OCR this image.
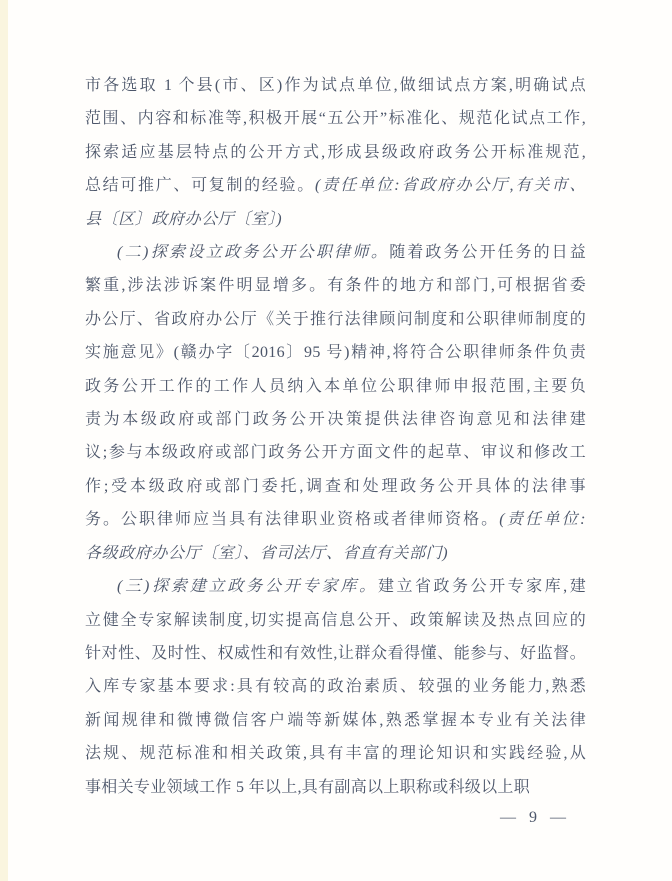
市各选取 1 个县(市、区)作为试点单位,做细试点方案,明确试点
范围、内容和标准等,积极开展“五公开”标准化、规范化试点工作,
探索适应基层特点的公开方式,形成县级政府政务公开标准规范,
总结可推广、可复制的经验。(责任单位:省政府办公厅,有关市、
县〔区〕政府办公厅〔室〕)
(二)探索设立政务公开公职律师。随着政务公开任务的日益
繁重,涉法涉诉案件明显增多。有条件的地方和部门,可根据省委
办公厅、省政府办公厅《关于推行法律顾问制度和公职律师制度的
实施意见》(赣办字〔2016〕95 号)精神,将符合公职律师条件负责
政务公开工作的工作人员纳入本单位公职律师申报范围,主要负
责为本级政府或部门政务公开决策提供法律咨询意见和法律建
议;参与本级政府或部门政务公开方面文件的起草、审议和修改工
作;受本级政府或部门委托,调查和处理政务公开具体的法律事
务。公职律师应当具有法律职业资格或者律师资格。(责任单位:
各级政府办公厅〔室〕、省司法厅、省直有关部门)
(三)探索建立政务公开专家库。建立省政务公开专家库,建
立健全专家解读制度,切实提高信息公开、政策解读及热点回应的
针对性、及时性、权威性和有效性,让群众看得懂、能参与、好监督。
入库专家基本要求:具有较高的政治素质、较强的业务能力,熟悉
新闻规律和微博微信客户端等新媒体,熟悉掌握本专业有关法律
法规、规范标准和相关政策,具有丰富的理论知识和实践经验,从
事相关专业领域工作 5 年以上,具有副高以上职称或科级以上职
— 9 —
